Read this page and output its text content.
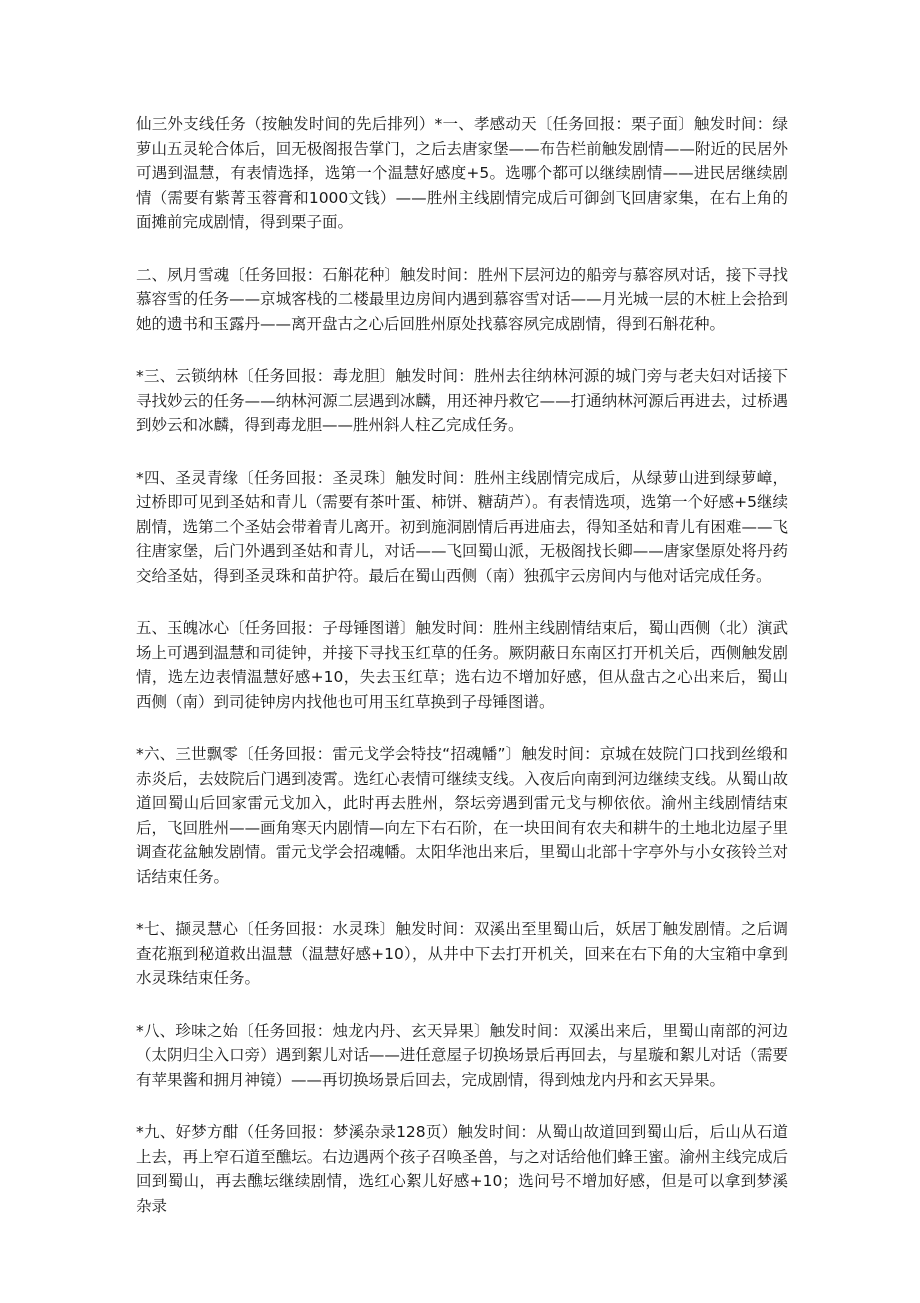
仙三外支线任务（按触发时间的先后排列）*一、孝感动天〔任务回报：栗子面〕触发时间：绿萝山五灵轮合体后，回无极阁报告掌门，之后去唐家堡——布告栏前触发剧情——附近的民居外可遇到温慧，有表情选择，选第一个温慧好感度+5。选哪个都可以继续剧情——进民居继续剧情（需要有紫菁玉蓉膏和1000文钱）——胜州主线剧情完成后可御剑飞回唐家集，在右上角的面摊前完成剧情，得到栗子面。

二、夙月雪魂〔任务回报：石斛花种〕触发时间：胜州下层河边的船旁与慕容夙对话，接下寻找慕容雪的任务——京城客栈的二楼最里边房间内遇到慕容雪对话——月光城一层的木桩上会拾到她的遗书和玉露丹——离开盘古之心后回胜州原处找慕容夙完成剧情，得到石斛花种。

*三、云锁纳林〔任务回报：毒龙胆〕触发时间：胜州去往纳林河源的城门旁与老夫妇对话接下寻找妙云的任务——纳林河源二层遇到冰麟，用还神丹救它——打通纳林河源后再进去，过桥遇到妙云和冰麟，得到毒龙胆——胜州斜人柱乙完成任务。

*四、圣灵青缘〔任务回报：圣灵珠〕触发时间：胜州主线剧情完成后，从绿萝山进到绿萝嶂，过桥即可见到圣姑和青儿（需要有茶叶蛋、柿饼、糖葫芦）。有表情选项，选第一个好感+5继续剧情，选第二个圣姑会带着青儿离开。初到施洞剧情后再进庙去，得知圣姑和青儿有困难——飞往唐家堡，后门外遇到圣姑和青儿，对话——飞回蜀山派，无极阁找长卿——唐家堡原处将丹药交给圣姑，得到圣灵珠和苗护符。最后在蜀山西侧（南）独孤宇云房间内与他对话完成任务。

五、玉魄冰心〔任务回报：子母锤图谱〕触发时间：胜州主线剧情结束后，蜀山西侧（北）演武场上可遇到温慧和司徒钟，并接下寻找玉红草的任务。厥阴蔽日东南区打开机关后，西侧触发剧情，选左边表情温慧好感+10，失去玉红草；选右边不增加好感，但从盘古之心出来后，蜀山西侧（南）到司徒钟房内找他也可用玉红草换到子母锤图谱。

*六、三世飘零〔任务回报：雷元戈学会特技“招魂幡”〕触发时间：京城在妓院门口找到丝缎和赤炎后，去妓院后门遇到凌霄。选红心表情可继续支线。入夜后向南到河边继续支线。从蜀山故道回蜀山后回家雷元戈加入，此时再去胜州，祭坛旁遇到雷元戈与柳依依。渝州主线剧情结束后，飞回胜州——画角寒天内剧情—向左下右石阶，在一块田间有农夫和耕牛的土地北边屋子里调查花盆触发剧情。雷元戈学会招魂幡。太阳华池出来后，里蜀山北部十字亭外与小女孩铃兰对话结束任务。

*七、撷灵慧心〔任务回报：水灵珠〕触发时间：双溪出至里蜀山后，妖居丁触发剧情。之后调查花瓶到秘道救出温慧（温慧好感+10），从井中下去打开机关，回来在右下角的大宝箱中拿到水灵珠结束任务。

*八、珍味之始〔任务回报：烛龙内丹、玄天异果〕触发时间：双溪出来后，里蜀山南部的河边（太阴归尘入口旁）遇到絮儿对话——进任意屋子切换场景后再回去，与星璇和絮儿对话（需要有苹果酱和拥月神镜）——再切换场景后回去，完成剧情，得到烛龙内丹和玄天异果。

*九、好梦方酣（任务回报：梦溪杂录128页）触发时间：从蜀山故道回到蜀山后，后山从石道上去，再上窄石道至醮坛。右边遇两个孩子召唤圣兽，与之对话给他们蜂王蜜。渝州主线完成后回到蜀山，再去醮坛继续剧情，选红心絮儿好感+10；选问号不增加好感，但是可以拿到梦溪杂录
